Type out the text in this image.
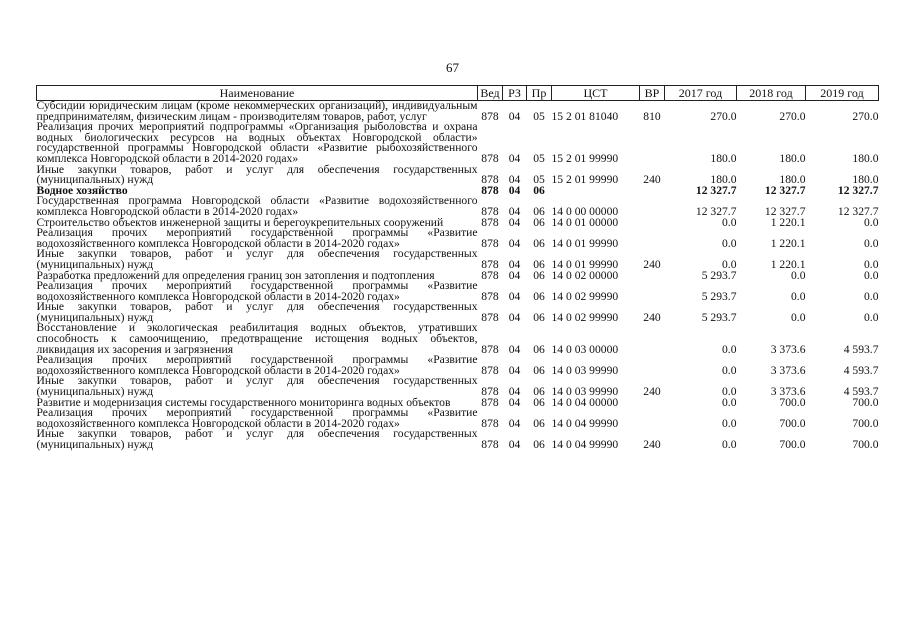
67
Наименование	Вед	РЗ	Пр	ЦСТ	ВР	2017 год	2018 год	2019 год
Субсидии юридическим лицам (кроме некоммерческих организаций), индивидуальным предпринимателям, физическим лицам - производителям товаров, работ, услуг	878	04	05	15 2 01 81040	810	270.0	270.0	270.0
Реализация прочих мероприятий подпрограммы «Организация рыболовства и охрана водных биологических ресурсов на водных объектах Новгородской области» государственной программы Новгородской области «Развитие рыбохозяйственного комплекса Новгородской области в 2014-2020 годах»	878	04	05	15 2 01 99990		180.0	180.0	180.0
Иные закупки товаров, работ и услуг для обеспечения государственных (муниципальных) нужд	878	04	05	15 2 01 99990	240	180.0	180.0	180.0
Водное хозяйство	878	04	06			12 327.7	12 327.7	12 327.7
Государственная программа Новгородской области «Развитие водохозяйственного комплекса Новгородской области в 2014-2020 годах»	878	04	06	14 0 00 00000		12 327.7	12 327.7	12 327.7
Строительство объектов инженерной защиты и берегоукрепительных сооружений	878	04	06	14 0 01 00000		0.0	1 220.1	0.0
Реализация прочих мероприятий государственной программы «Развитие водохозяйственного комплекса Новгородской области в 2014-2020 годах»	878	04	06	14 0 01 99990		0.0	1 220.1	0.0
Иные закупки товаров, работ и услуг для обеспечения государственных (муниципальных) нужд	878	04	06	14 0 01 99990	240	0.0	1 220.1	0.0
Разработка предложений для определения границ зон затопления и подтопления	878	04	06	14 0 02 00000		5 293.7	0.0	0.0
Реализация прочих мероприятий государственной программы «Развитие водохозяйственного комплекса Новгородской области в 2014-2020 годах»	878	04	06	14 0 02 99990		5 293.7	0.0	0.0
Иные закупки товаров, работ и услуг для обеспечения государственных (муниципальных) нужд	878	04	06	14 0 02 99990	240	5 293.7	0.0	0.0
Восстановление и экологическая реабилитация водных объектов, утративших способность к самоочищению, предотвращение истощения водных объектов, ликвидация их засорения и загрязнения	878	04	06	14 0 03 00000		0.0	3 373.6	4 593.7
Реализация прочих мероприятий государственной программы «Развитие водохозяйственного комплекса Новгородской области в 2014-2020 годах»	878	04	06	14 0 03 99990		0.0	3 373.6	4 593.7
Иные закупки товаров, работ и услуг для обеспечения государственных (муниципальных) нужд	878	04	06	14 0 03 99990	240	0.0	3 373.6	4 593.7
Развитие и модернизация системы государственного мониторинга водных объектов	878	04	06	14 0 04 00000		0.0	700.0	700.0
Реализация прочих мероприятий государственной программы «Развитие водохозяйственного комплекса Новгородской области в 2014-2020 годах»	878	04	06	14 0 04 99990		0.0	700.0	700.0
Иные закупки товаров, работ и услуг для обеспечения государственных (муниципальных) нужд	878	04	06	14 0 04 99990	240	0.0	700.0	700.0
